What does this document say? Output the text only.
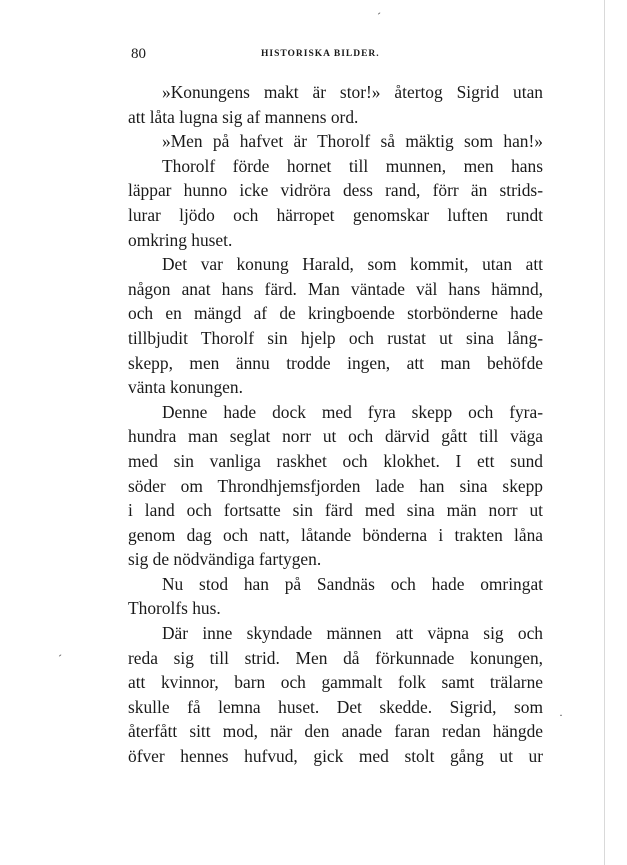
80	HISTORISKA BILDER.
ˊ
ˊ
·
»Konungens makt är stor!» återtog Sigrid utan
att låta lugna sig af mannens ord.
»Men på hafvet är Thorolf så mäktig som han!»
Thorolf förde hornet till munnen, men hans
läppar hunno icke vidröra dess rand, förr än strids-
lurar ljödo och härropet genomskar luften rundt
omkring huset.
Det var konung Harald, som kommit, utan att
någon anat hans färd. Man väntade väl hans hämnd,
och en mängd af de kringboende storbönderne hade
tillbjudit Thorolf sin hjelp och rustat ut sina lång-
skepp, men ännu trodde ingen, att man behöfde
vänta konungen.
Denne hade dock med fyra skepp och fyra-
hundra man seglat norr ut och därvid gått till väga
med sin vanliga raskhet och klokhet. I ett sund
söder om Throndhjemsfjorden lade han sina skepp
i land och fortsatte sin färd med sina män norr ut
genom dag och natt, låtande bönderna i trakten låna
sig de nödvändiga fartygen.
Nu stod han på Sandnäs och hade omringat
Thorolfs hus.
Där inne skyndade männen att väpna sig och
reda sig till strid. Men då förkunnade konungen,
att kvinnor, barn och gammalt folk samt trälarne
skulle få lemna huset. Det skedde. Sigrid, som
återfått sitt mod, när den anade faran redan hängde
öfver hennes hufvud, gick med stolt gång ut ur
